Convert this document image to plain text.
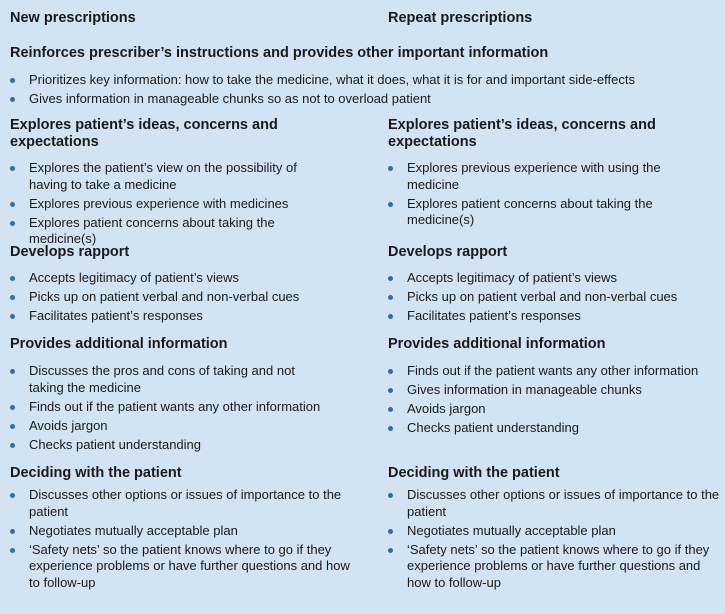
New prescriptions	Repeat prescriptions
Reinforces prescriber’s instructions and provides other important information
Prioritizes key information: how to take the medicine, what it does, what it is for and important side-effects
Gives information in manageable chunks so as not to overload patient
Explores patient’s ideas, concerns and expectations
Explores the patient’s view on the possibility of having to take a medicine
Explores previous experience with medicines
Explores patient concerns about taking the medicine(s)
Explores patient’s ideas, concerns and expectations
Explores previous experience with using the medicine
Explores patient concerns about taking the medicine(s)
Develops rapport
Accepts legitimacy of patient’s views
Picks up on patient verbal and non-verbal cues
Facilitates patient’s responses
Develops rapport
Accepts legitimacy of patient’s views
Picks up on patient verbal and non-verbal cues
Facilitates patient’s responses
Provides additional information
Discusses the pros and cons of taking and not taking the medicine
Finds out if the patient wants any other information
Avoids jargon
Checks patient understanding
Provides additional information
Finds out if the patient wants any other information
Gives information in manageable chunks
Avoids jargon
Checks patient understanding
Deciding with the patient
Discusses other options or issues of importance to the patient
Negotiates mutually acceptable plan
‘Safety nets’ so the patient knows where to go if they experience problems or have further questions and how to follow-up
Deciding with the patient
Discusses other options or issues of importance to the patient
Negotiates mutually acceptable plan
‘Safety nets’ so the patient knows where to go if they experience problems or have further questions and how to follow-up
